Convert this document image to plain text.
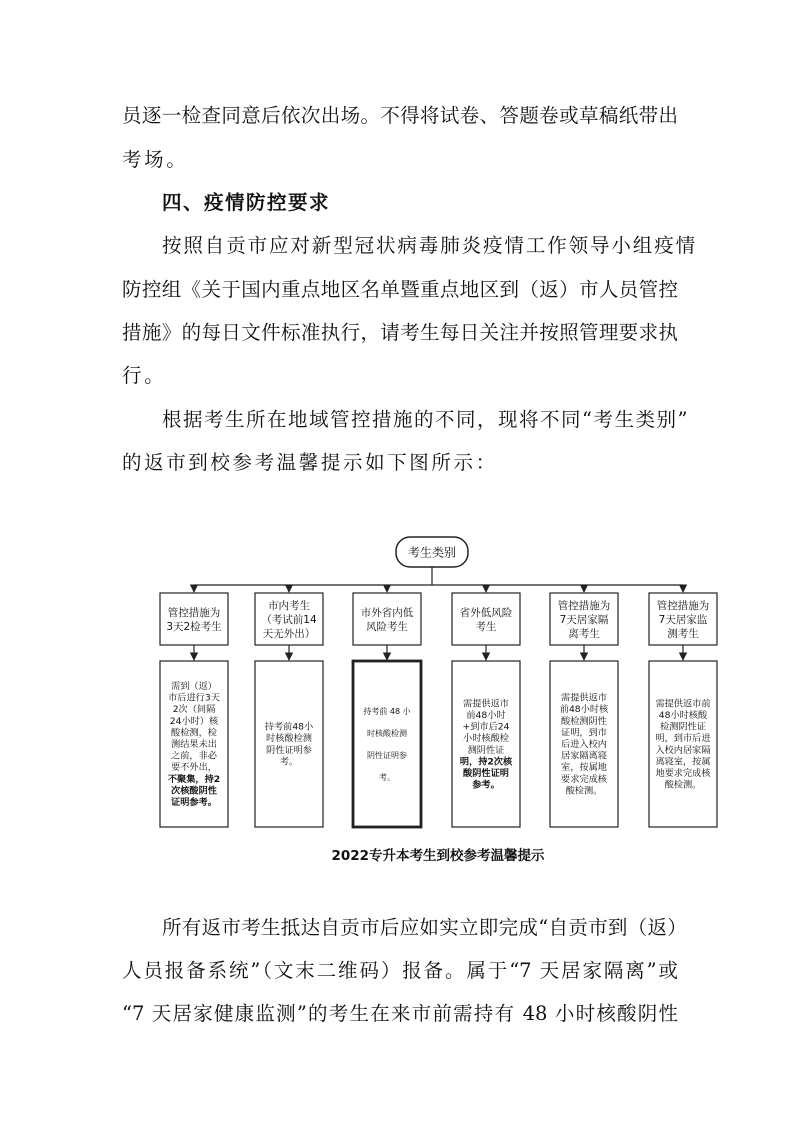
员逐一检查同意后依次出场。不得将试卷、答题卷或草稿纸带出
考场。
四、疫情防控要求
按照自贡市应对新型冠状病毒肺炎疫情工作领导小组疫情
防控组《关于国内重点地区名单暨重点地区到（返）市人员管控
措施》的每日文件标准执行，请考生每日关注并按照管理要求执
行。
根据考生所在地域管控措施的不同，现将不同“考生类别”
的返市到校参考温馨提示如下图所示：
考生类别
管控措施为
3天2检考生
需到（返）
市后进行3天
2次（间隔
24小时）核
酸检测，检
测结果未出
之前，非必
要不外出，
不聚集，持2
次核酸阴性
证明参考。
市内考生
（考试前14
天无外出）
持考前48小
时核酸检测
阴性证明参
考。
市外省内低
风险考生
持考前 48 小
时核酸检测
阴性证明参
考。
省外低风险
考生
需提供返市
前48小时
+到市后24
小时核酸检
测阴性证
明，持2次核
酸阴性证明
参考。
管控措施为
7天居家隔
离考生
需提供返市
前48小时核
酸检测阴性
证明，到市
后进入校内
居家隔离寝
室，按属地
要求完成核
酸检测。
管控措施为
7天居家监
测考生
需提供返市前
48小时核酸
检测阴性证
明，到市后进
入校内居家隔
离寝室，按属
地要求完成核
酸检测。
2022专升本考生到校参考温馨提示
所有返市考生抵达自贡市后应如实立即完成“自贡市到（返）
人员报备系统”（文末二维码）报备。属于“7 天居家隔离”或
“7 天居家健康监测”的考生在来市前需持有 48 小时核酸阴性
